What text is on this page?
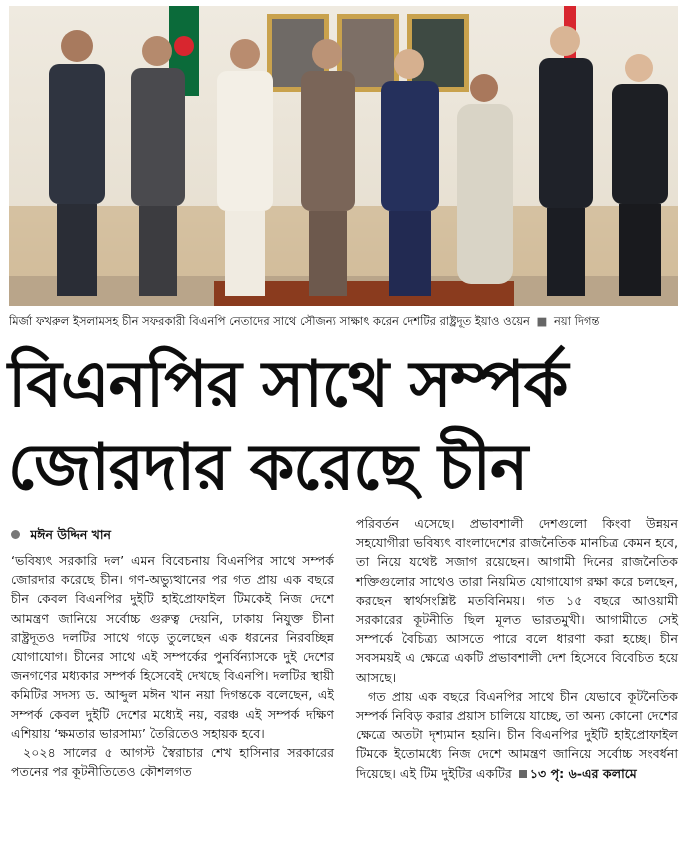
মির্জা ফখরুল ইসলামসহ চীন সফরকারী বিএনপি নেতাদের সাথে সৌজন্য সাক্ষাৎ করেন দেশটির রাষ্ট্রদূত ইয়াও ওয়েন ■ নয়া দিগন্ত
বিএনপির সাথে সম্পর্ক
জোরদার করেছে চীন
মঈন উদ্দিন খান

‘ভবিষ্যৎ সরকারি দল’ এমন বিবেচনায় বিএনপির সাথে সম্পর্ক জোরদার করেছে চীন। গণ-অভ্যুত্থানের পর গত প্রায় এক বছরে চীন কেবল বিএনপির দুইটি হাইপ্রোফাইল টিমকেই নিজ দেশে আমন্ত্রণ জানিয়ে সর্বোচ্চ গুরুত্ব দেয়নি, ঢাকায় নিযুক্ত চীনা রাষ্ট্রদূতও দলটির সাথে গড়ে তুলেছেন এক ধরনের নিরবচ্ছিন্ন যোগাযোগ। চীনের সাথে এই সম্পর্কের পুনর্বিন্যাসকে দুই দেশের জনগণের মধ্যকার সম্পর্ক হিসেবেই দেখছে বিএনপি। দলটির স্থায়ী কমিটির সদস্য ড. আব্দুল মঈন খান নয়া দিগন্তকে বলেছেন, এই সম্পর্ক কেবল দুইটি দেশের মধ্যেই নয়, বরঞ্চ এই সম্পর্ক দক্ষিণ এশিয়ায় ‘ক্ষমতার ভারসাম্য’ তৈরিতেও সহায়ক হবে।

২০২৪ সালের ৫ আগস্ট স্বৈরাচার শেখ হাসিনার সরকারের পতনের পর কূটনীতিতেও কৌশলগত

পরিবর্তন এসেছে। প্রভাবশালী দেশগুলো কিংবা উন্নয়ন সহযোগীরা ভবিষ্যৎ বাংলাদেশের রাজনৈতিক মানচিত্র কেমন হবে, তা নিয়ে যথেষ্ট সজাগ রয়েছেন। আগামী দিনের রাজনৈতিক শক্তিগুলোর সাথেও তারা নিয়মিত যোগাযোগ রক্ষা করে চলছেন, করছেন স্বার্থসংশ্লিষ্ট মতবিনিময়। গত ১৫ বছরে আওয়ামী সরকারের কূটনীতি ছিল মূলত ভারতমুখী। আগামীতে সেই সম্পর্কে বৈচিত্র্য আসতে পারে বলে ধারণা করা হচ্ছে। চীন সবসময়ই এ ক্ষেত্রে একটি প্রভাবশালী দেশ হিসেবে বিবেচিত হয়ে আসছে।

গত প্রায় এক বছরে বিএনপির সাথে চীন যেভাবে কূটনৈতিক সম্পর্ক নিবিড় করার প্রয়াস চালিয়ে যাচ্ছে, তা অন্য কোনো দেশের ক্ষেত্রে অতটা দৃশ্যমান হয়নি। চীন বিএনপির দুইটি হাইপ্রোফাইল টিমকে ইতোমধ্যে নিজ দেশে আমন্ত্রণ জানিয়ে সর্বোচ্চ সংবর্ধনা দিয়েছে। এই টিম দুইটির একটির ১৩ পৃ: ৬-এর কলামে
